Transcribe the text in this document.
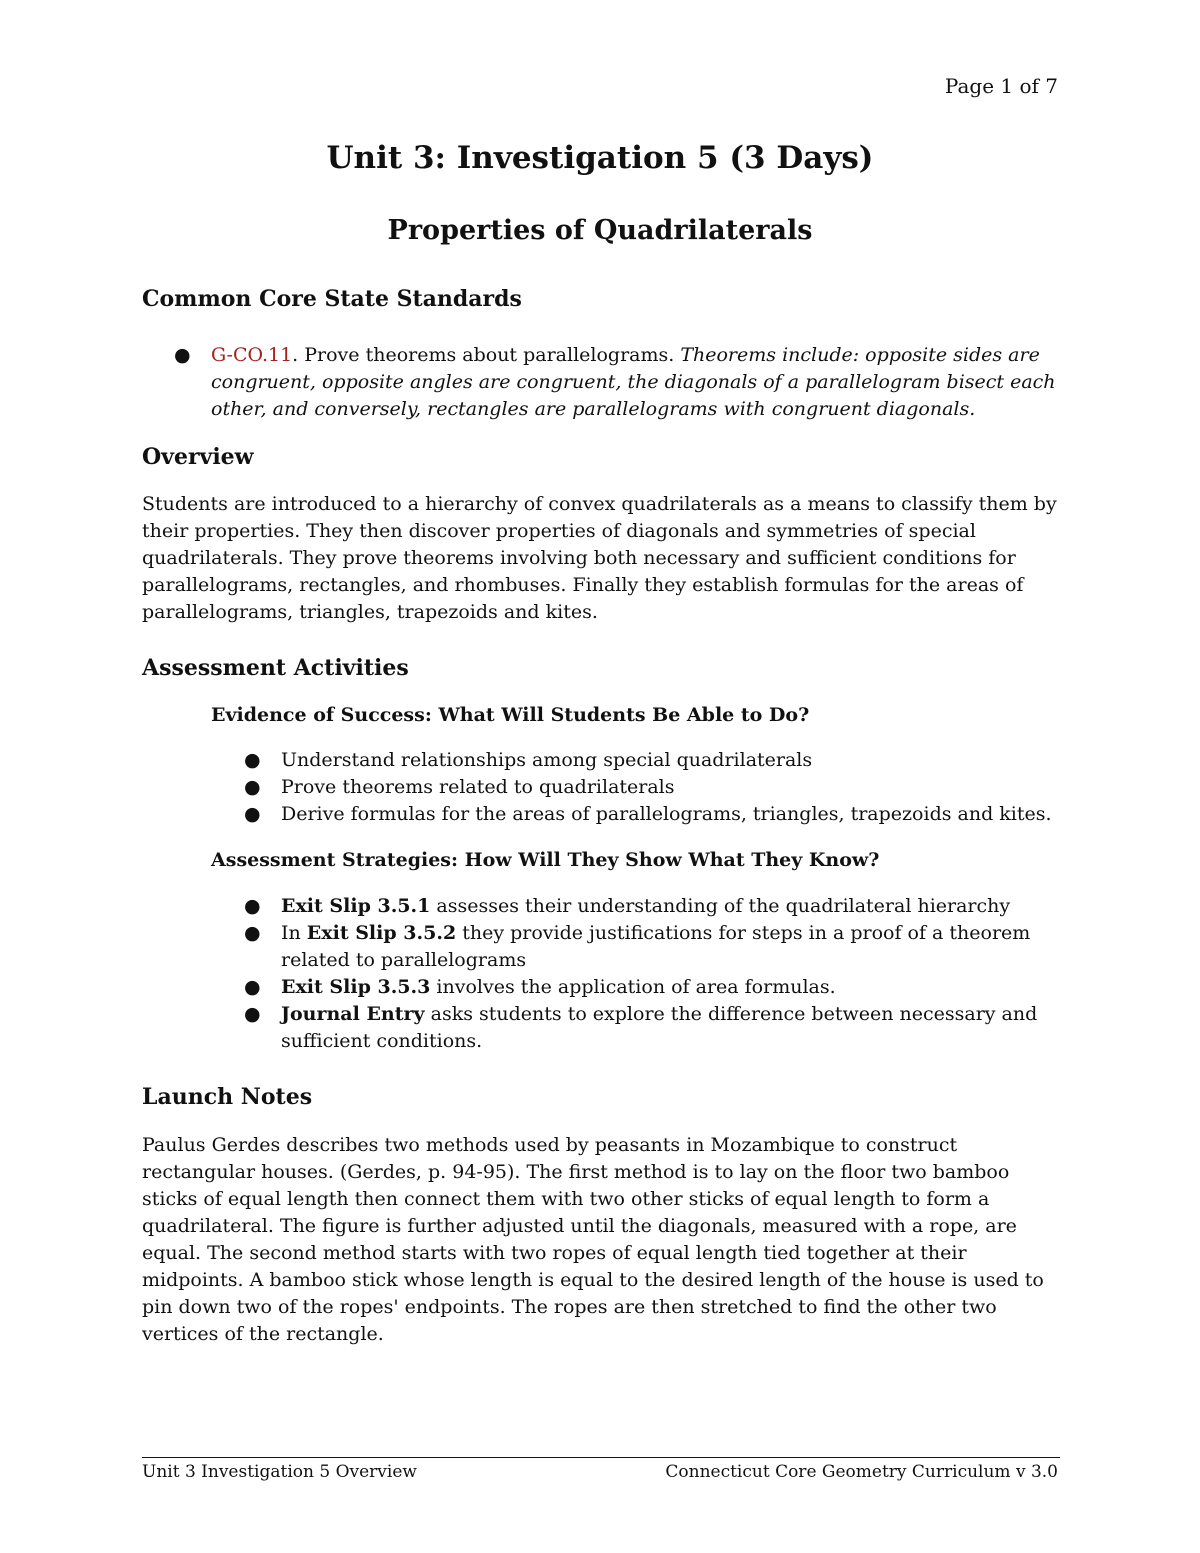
Page 1 of 7
Unit 3: Investigation 5 (3 Days)
Properties of Quadrilaterals
Common Core State Standards
● G-CO.11. Prove theorems about parallelograms. Theorems include: opposite sides are congruent, opposite angles are congruent, the diagonals of a parallelogram bisect each other, and conversely, rectangles are parallelograms with congruent diagonals.
Overview

Students are introduced to a hierarchy of convex quadrilaterals as a means to classify them by their properties. They then discover properties of diagonals and symmetries of special quadrilaterals. They prove theorems involving both necessary and sufficient conditions for parallelograms, rectangles, and rhombuses. Finally they establish formulas for the areas of parallelograms, triangles, trapezoids and kites.

Assessment Activities
Evidence of Success: What Will Students Be Able to Do?
● Understand relationships among special quadrilaterals
● Prove theorems related to quadrilaterals
● Derive formulas for the areas of parallelograms, triangles, trapezoids and kites.
Assessment Strategies: How Will They Show What They Know?
● Exit Slip 3.5.1 assesses their understanding of the quadrilateral hierarchy
● In Exit Slip 3.5.2 they provide justifications for steps in a proof of a theorem related to parallelograms
● Exit Slip 3.5.3 involves the application of area formulas.
● Journal Entry asks students to explore the difference between necessary and sufficient conditions.
Launch Notes

Paulus Gerdes describes two methods used by peasants in Mozambique to construct rectangular houses. (Gerdes, p. 94-95). The first method is to lay on the floor two bamboo sticks of equal length then connect them with two other sticks of equal length to form a quadrilateral. The figure is further adjusted until the diagonals, measured with a rope, are equal. The second method starts with two ropes of equal length tied together at their midpoints. A bamboo stick whose length is equal to the desired length of the house is used to pin down two of the ropes' endpoints. The ropes are then stretched to find the other two vertices of the rectangle.

Unit 3 Investigation 5 Overview	Connecticut Core Geometry Curriculum v 3.0
